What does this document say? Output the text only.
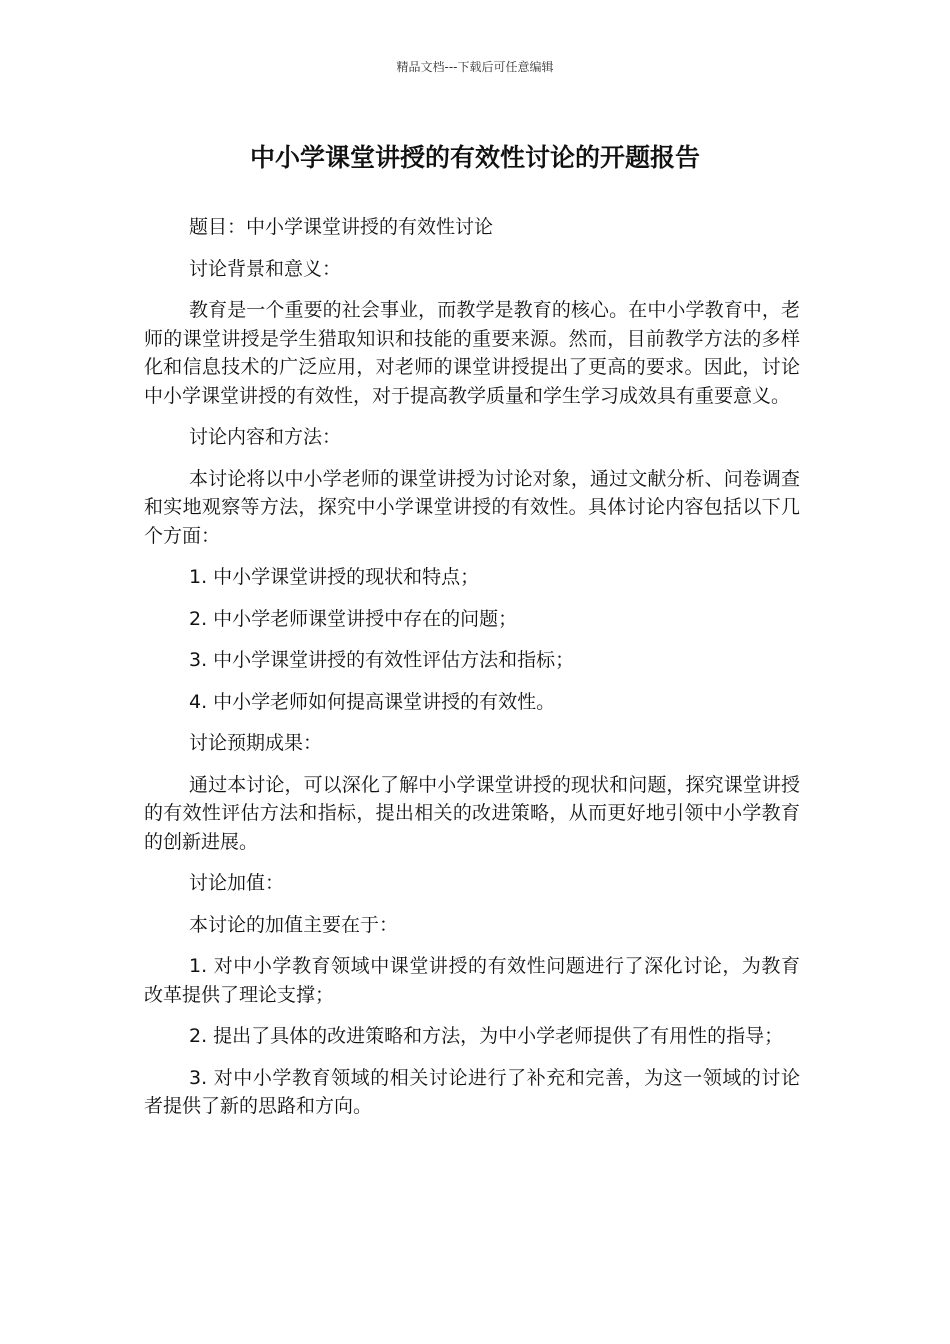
精品文档---下载后可任意编辑
中小学课堂讲授的有效性讨论的开题报告

题目：中小学课堂讲授的有效性讨论

讨论背景和意义：

教育是一个重要的社会事业，而教学是教育的核心。在中小学教育中，老师的课堂讲授是学生猎取知识和技能的重要来源。然而，目前教学方法的多样化和信息技术的广泛应用，对老师的课堂讲授提出了更高的要求。因此，讨论中小学课堂讲授的有效性，对于提高教学质量和学生学习成效具有重要意义。

讨论内容和方法：

本讨论将以中小学老师的课堂讲授为讨论对象，通过文献分析、问卷调查和实地观察等方法，探究中小学课堂讲授的有效性。具体讨论内容包括以下几个方面：

1. 中小学课堂讲授的现状和特点；

2. 中小学老师课堂讲授中存在的问题；

3. 中小学课堂讲授的有效性评估方法和指标；

4. 中小学老师如何提高课堂讲授的有效性。

讨论预期成果：

通过本讨论，可以深化了解中小学课堂讲授的现状和问题，探究课堂讲授的有效性评估方法和指标，提出相关的改进策略，从而更好地引领中小学教育的创新进展。

讨论加值：

本讨论的加值主要在于：

1. 对中小学教育领域中课堂讲授的有效性问题进行了深化讨论，为教育改革提供了理论支撑；

2. 提出了具体的改进策略和方法，为中小学老师提供了有用性的指导；

3. 对中小学教育领域的相关讨论进行了补充和完善，为这一领域的讨论者提供了新的思路和方向。
